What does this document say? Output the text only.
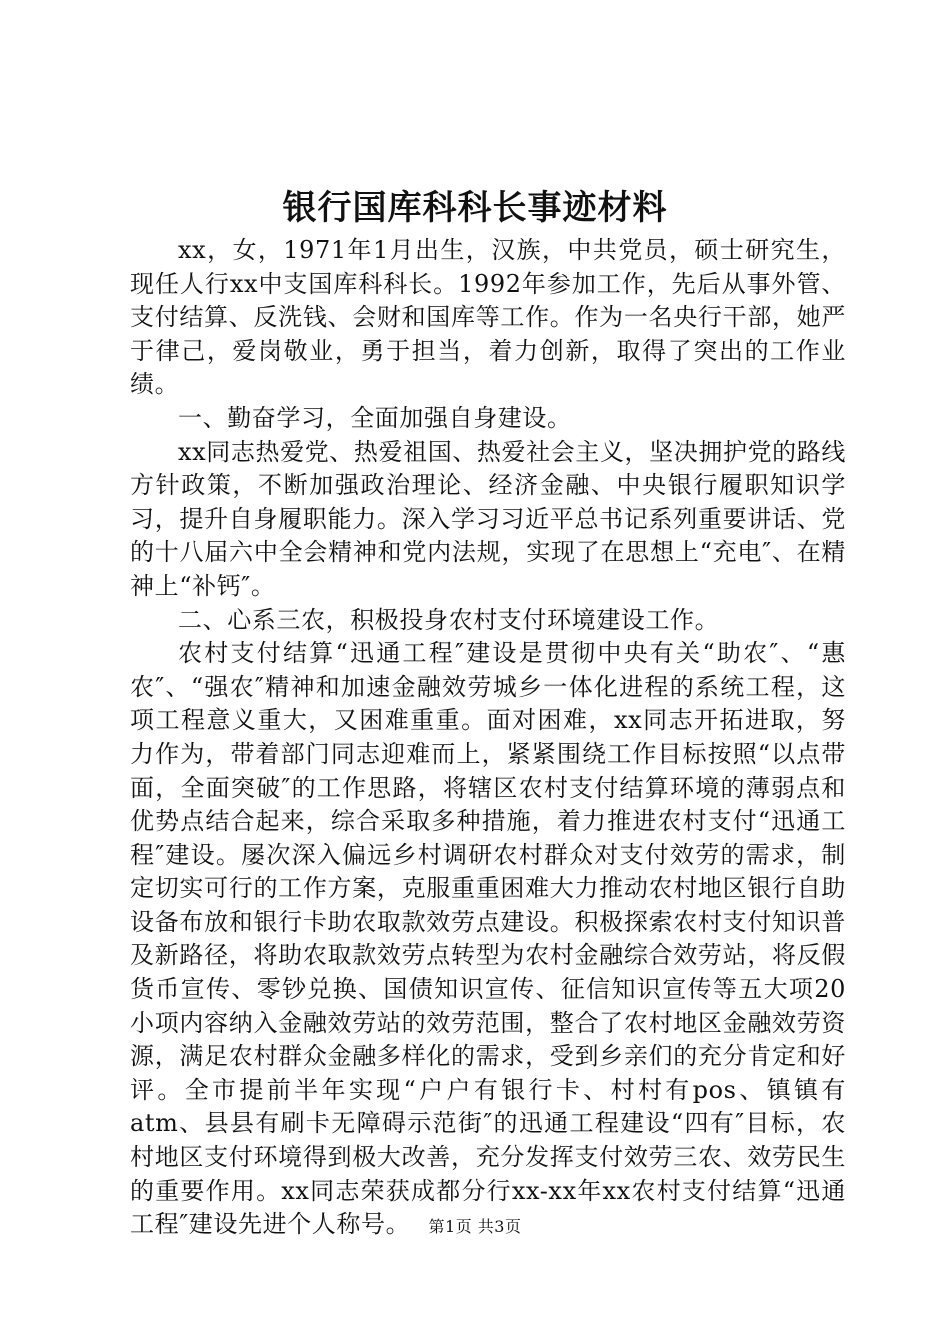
银行国库科科长事迹材料

xx，女，1971年1月出生，汉族，中共党员，硕士研究生，现任人行xx中支国库科科长。1992年参加工作，先后从事外管、支付结算、反洗钱、会财和国库等工作。作为一名央行干部，她严于律己，爱岗敬业，勇于担当，着力创新，取得了突出的工作业绩。

一、勤奋学习，全面加强自身建设。

xx同志热爱党、热爱祖国、热爱社会主义，坚决拥护党的路线方针政策，不断加强政治理论、经济金融、中央银行履职知识学习，提升自身履职能力。深入学习习近平总书记系列重要讲话、党的十八届六中全会精神和党内法规，实现了在思想上“充电″、在精神上“补钙″。

二、心系三农，积极投身农村支付环境建设工作。

农村支付结算“迅通工程″建设是贯彻中央有关“助农″、“惠农″、“强农″精神和加速金融效劳城乡一体化进程的系统工程，这项工程意义重大，又困难重重。面对困难，xx同志开拓进取，努力作为，带着部门同志迎难而上，紧紧围绕工作目标按照“以点带面，全面突破″的工作思路，将辖区农村支付结算环境的薄弱点和优势点结合起来，综合采取多种措施，着力推进农村支付“迅通工程″建设。屡次深入偏远乡村调研农村群众对支付效劳的需求，制定切实可行的工作方案，克服重重困难大力推动农村地区银行自助设备布放和银行卡助农取款效劳点建设。积极探索农村支付知识普及新路径，将助农取款效劳点转型为农村金融综合效劳站，将反假货币宣传、零钞兑换、国债知识宣传、征信知识宣传等五大项20小项内容纳入金融效劳站的效劳范围，整合了农村地区金融效劳资源，满足农村群众金融多样化的需求，受到乡亲们的充分肯定和好评。全市提前半年实现“户户有银行卡、村村有pos、镇镇有atm、县县有刷卡无障碍示范街″的迅通工程建设“四有″目标，农村地区支付环境得到极大改善，充分发挥支付效劳三农、效劳民生的重要作用。xx同志荣获成都分行xx-xx年xx农村支付结算“迅通工程″建设先进个人称号。	第1页 共3页
